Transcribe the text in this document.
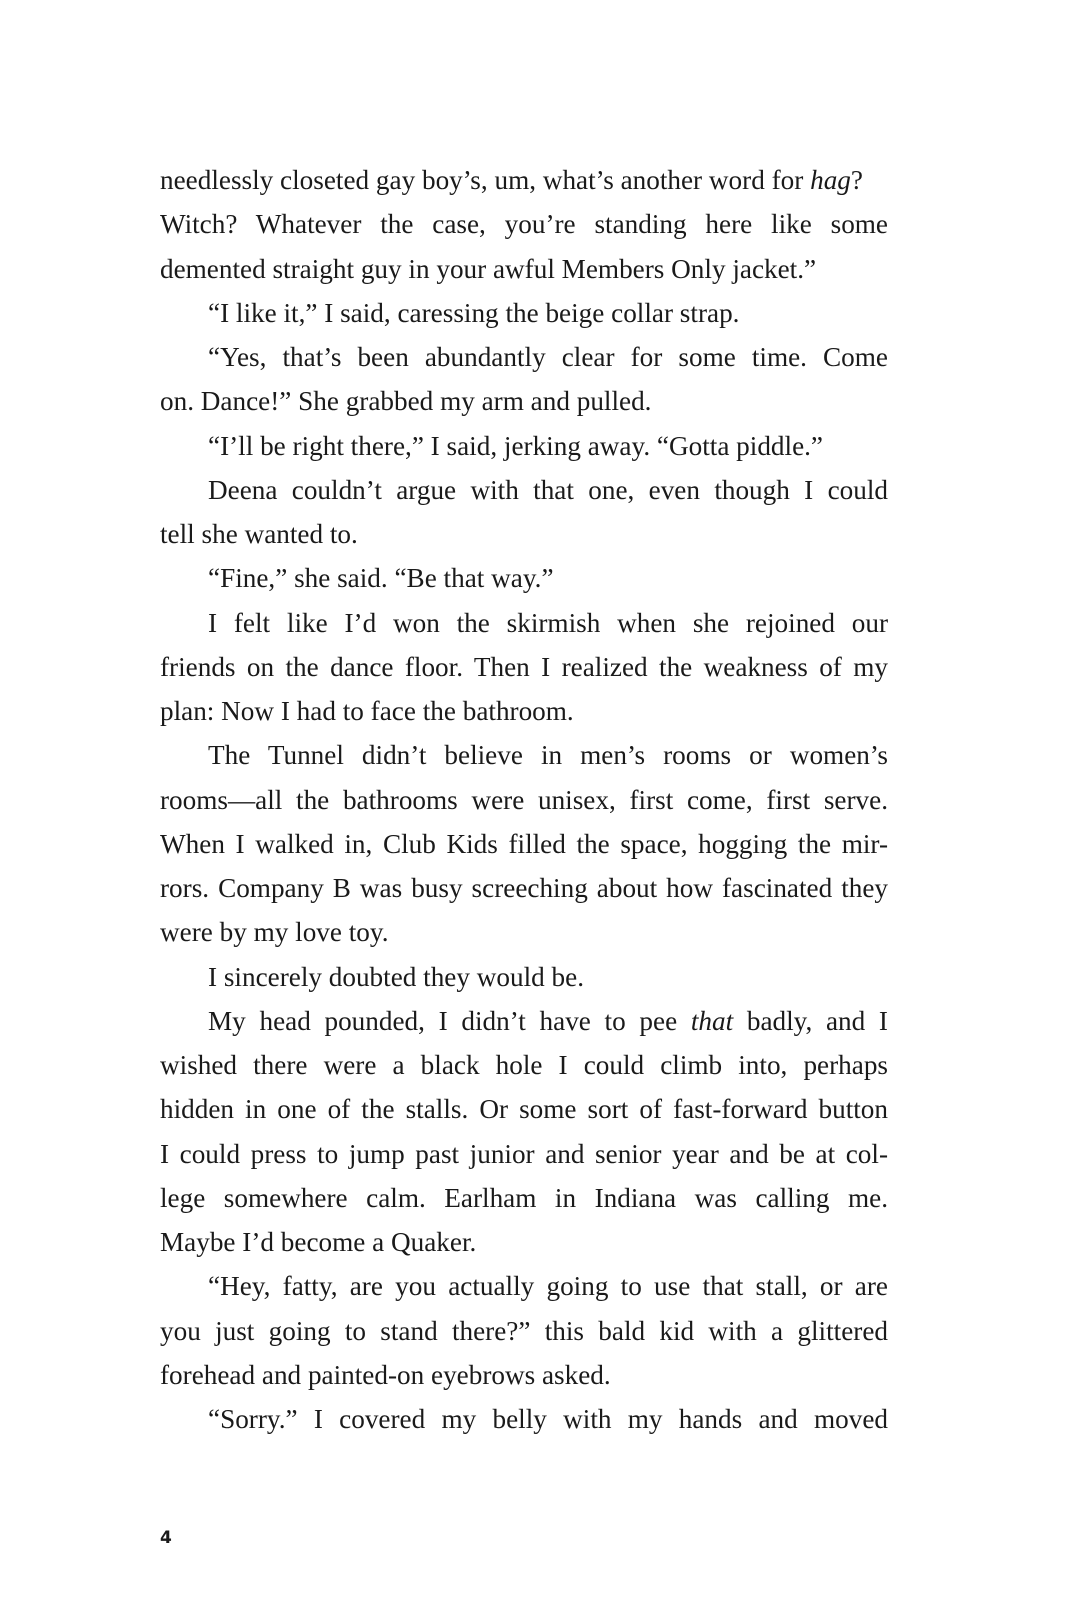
needlessly closeted gay boy’s, um, what’s another word for hag?
Witch? Whatever the case, you’re standing here like some
demented straight guy in your awful Members Only jacket.”
“I like it,” I said, caressing the beige collar strap.
“Yes, that’s been abundantly clear for some time. Come
on. Dance!” She grabbed my arm and pulled.
“I’ll be right there,” I said, jerking away. “Gotta piddle.”
Deena couldn’t argue with that one, even though I could
tell she wanted to.
“Fine,” she said. “Be that way.”
I felt like I’d won the skirmish when she rejoined our
friends on the dance floor. Then I realized the weakness of my
plan: Now I had to face the bathroom.
The Tunnel didn’t believe in men’s rooms or women’s
rooms—all the bathrooms were unisex, first come, first serve.
When I walked in, Club Kids filled the space, hogging the mir-
rors. Company B was busy screeching about how fascinated they
were by my love toy.
I sincerely doubted they would be.
My head pounded, I didn’t have to pee that badly, and I
wished there were a black hole I could climb into, perhaps
hidden in one of the stalls. Or some sort of fast-forward button
I could press to jump past junior and senior year and be at col-
lege somewhere calm. Earlham in Indiana was calling me.
Maybe I’d become a Quaker.
“Hey, fatty, are you actually going to use that stall, or are
you just going to stand there?” this bald kid with a glittered
forehead and painted-on eyebrows asked.
“Sorry.” I covered my belly with my hands and moved
4
